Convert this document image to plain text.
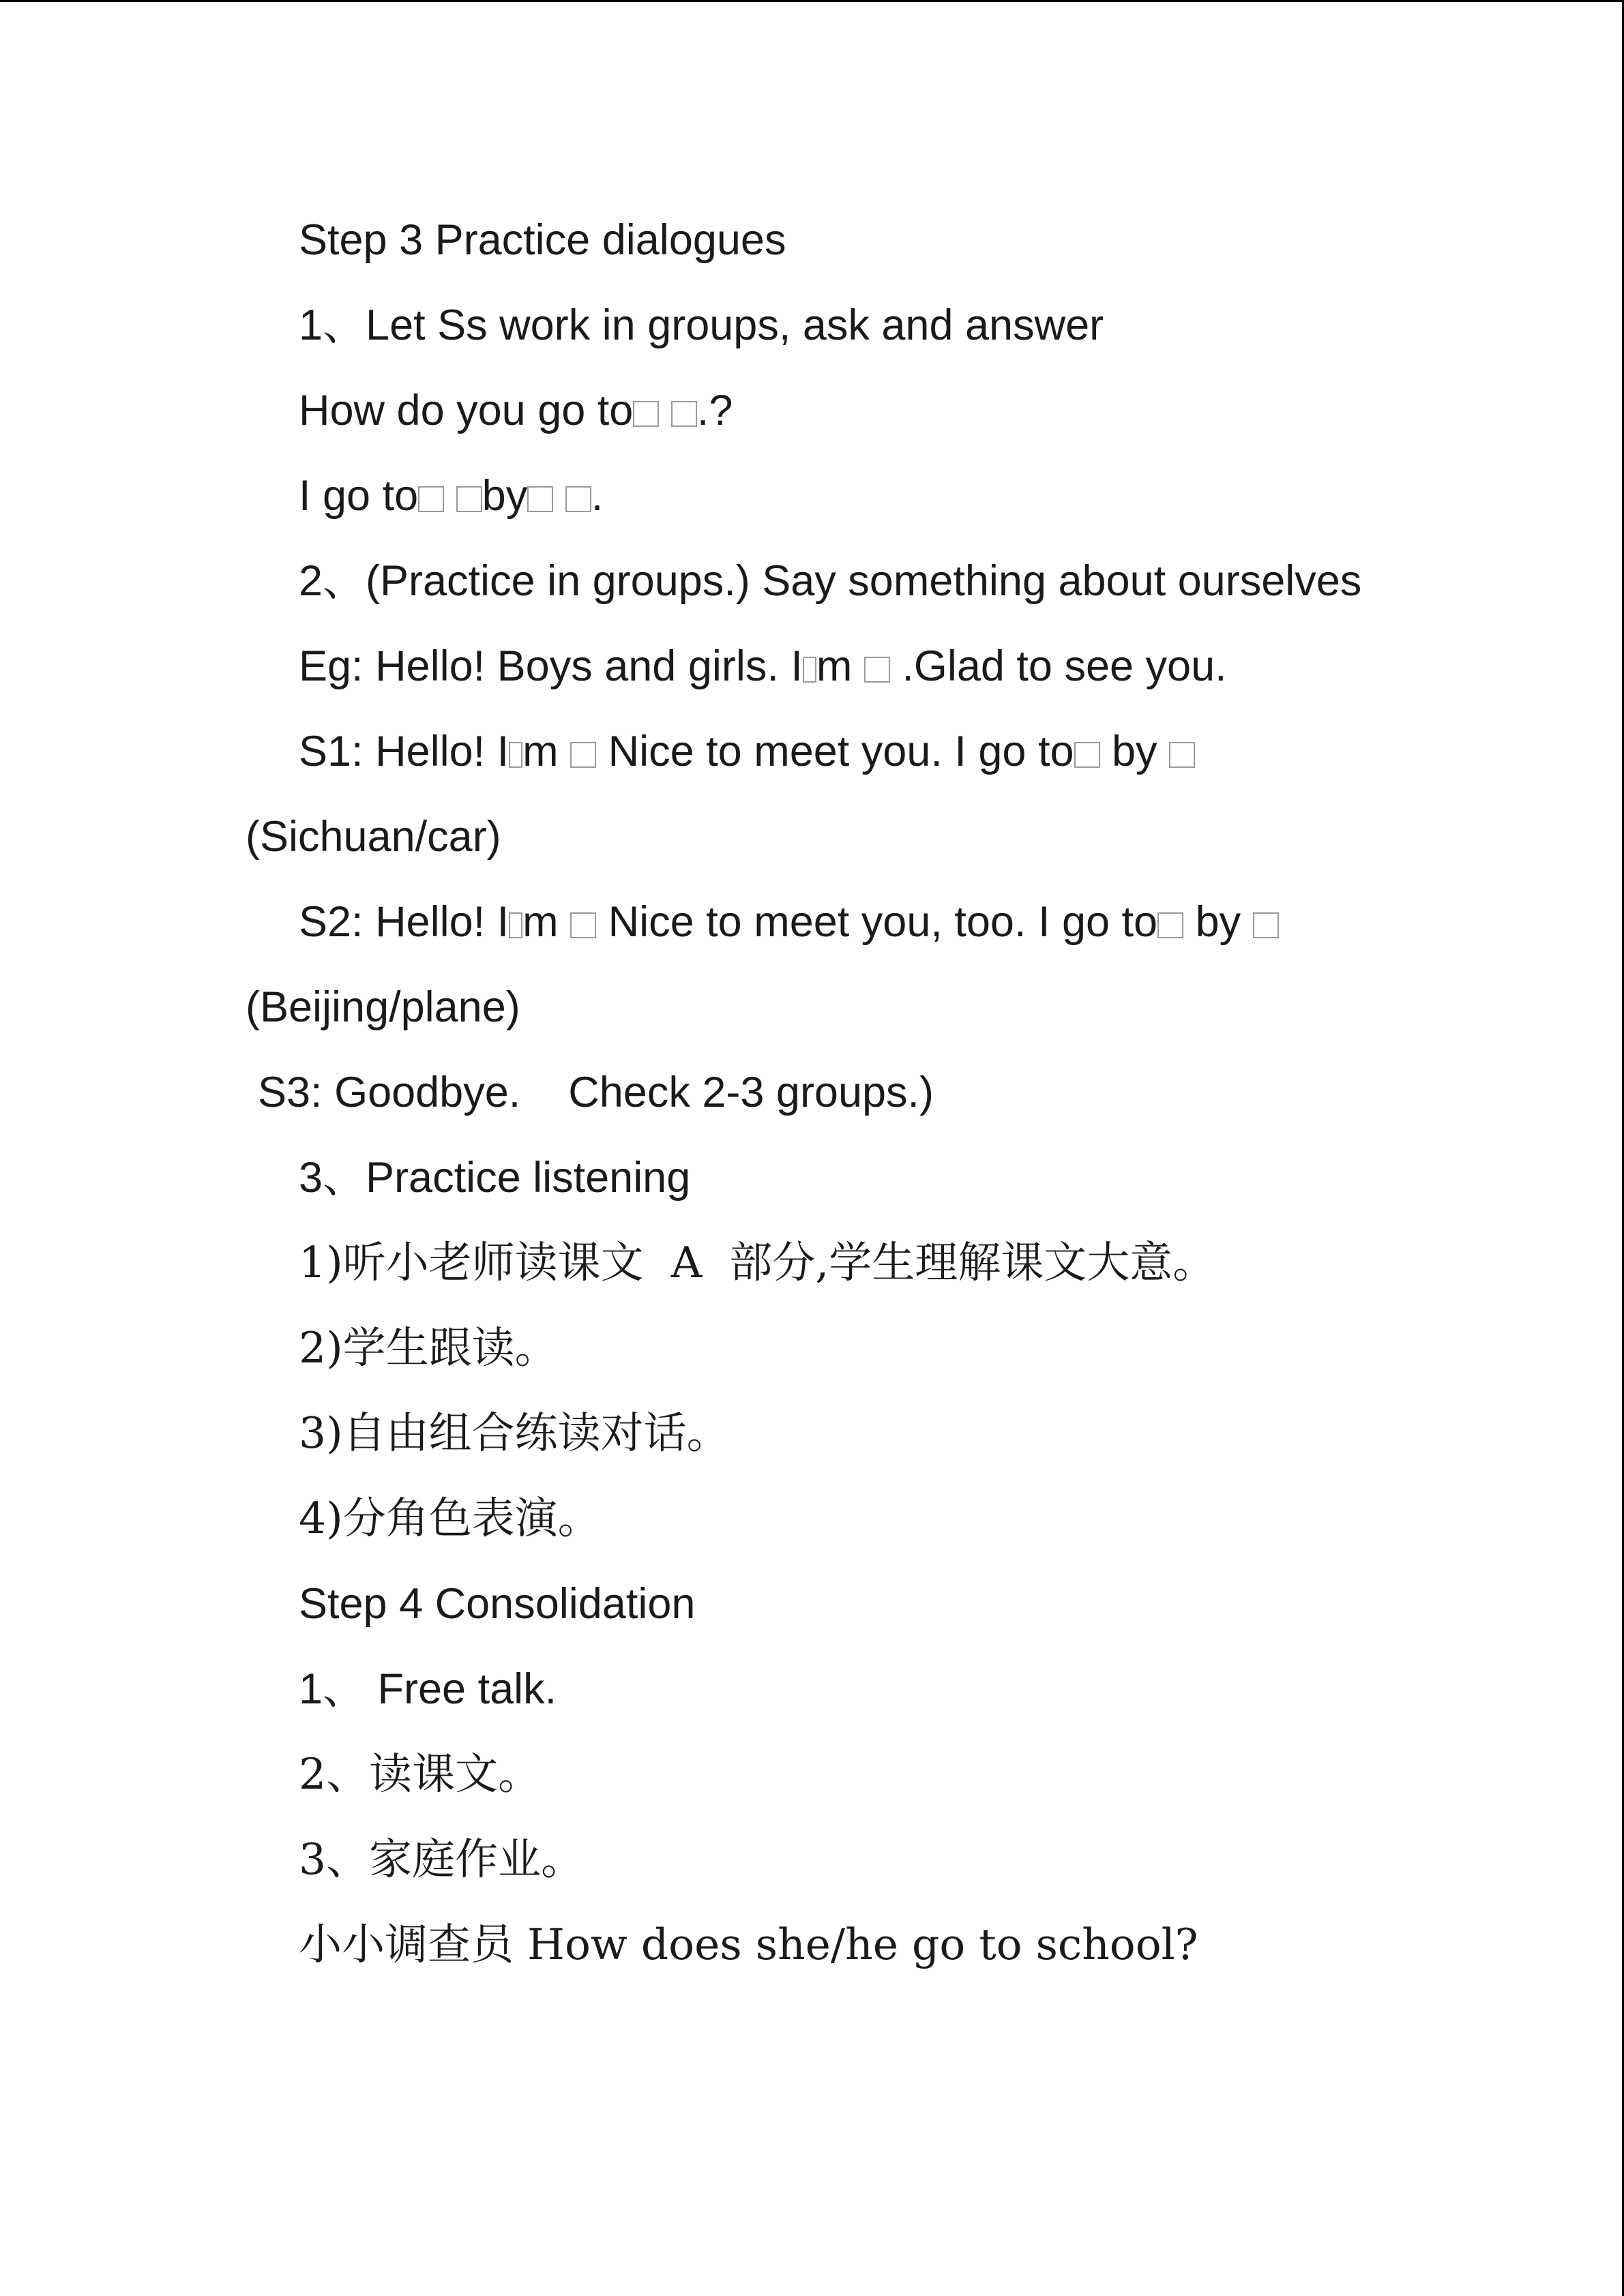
Step 3 Practice dialogues

1、Let Ss work in groups, ask and answer

How do you go to .?

I go to by .

2、(Practice in groups.) Say something about ourselves

Eg: Hello! Boys and girls. I m  .Glad to see you.

S1: Hello! I m  Nice to meet you. I go to by

(Sichuan/car)

S2: Hello! I m  Nice to meet you, too. I go to by

(Beijing/plane)

S3: Goodbye.    Check 2-3 groups.)

3、Practice listening

1)听小老师读课文  A  部分,学生理解课文大意。

2)学生跟读。

3)自由组合练读对话。

4)分角色表演。

Step 4 Consolidation

1、 Free talk.

2、读课文。

3、家庭作业。

小小调查员 How does she/he go to school?
